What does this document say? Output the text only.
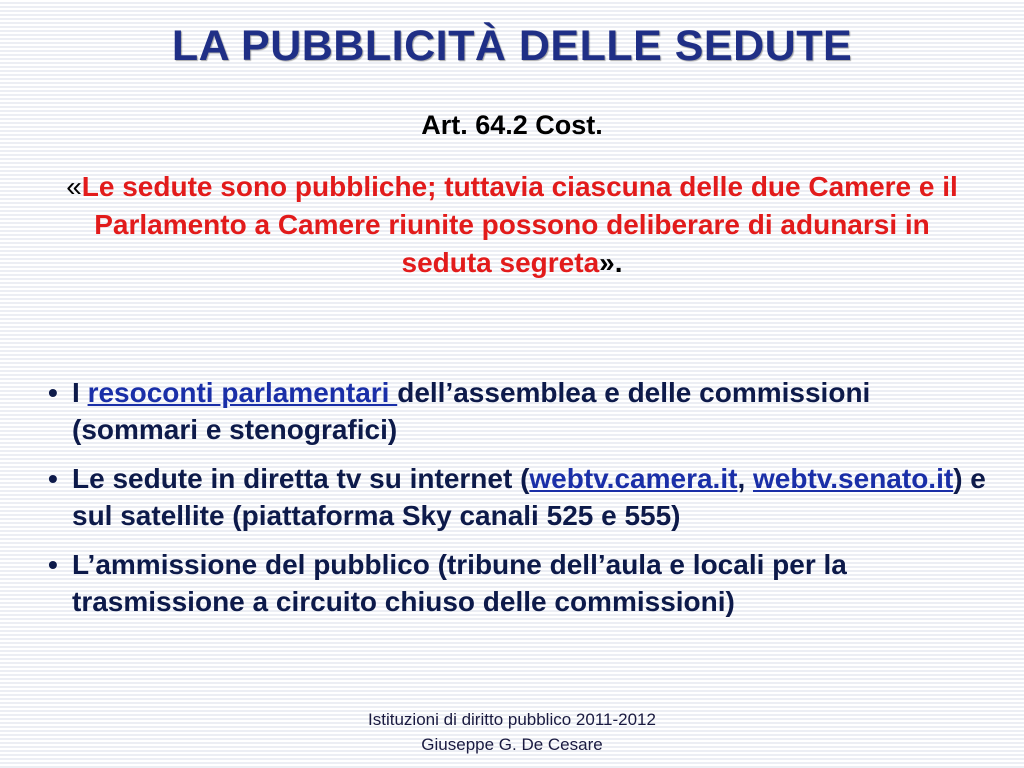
LA PUBBLICITÀ DELLE SEDUTE
Art. 64.2 Cost.
«Le sedute sono pubbliche; tuttavia ciascuna delle due Camere e il Parlamento a Camere riunite possono deliberare di adunarsi in seduta segreta».
• I resoconti parlamentari dell’assemblea e delle commissioni (sommari e stenografici)
• Le sedute in diretta tv su internet (webtv.camera.it, webtv.senato.it) e sul satellite (piattaforma Sky canali 525 e 555)
• L’ammissione del pubblico (tribune dell’aula e locali per la trasmissione a circuito chiuso delle commissioni)
Istituzioni di diritto pubblico 2011-2012
Giuseppe G. De Cesare
